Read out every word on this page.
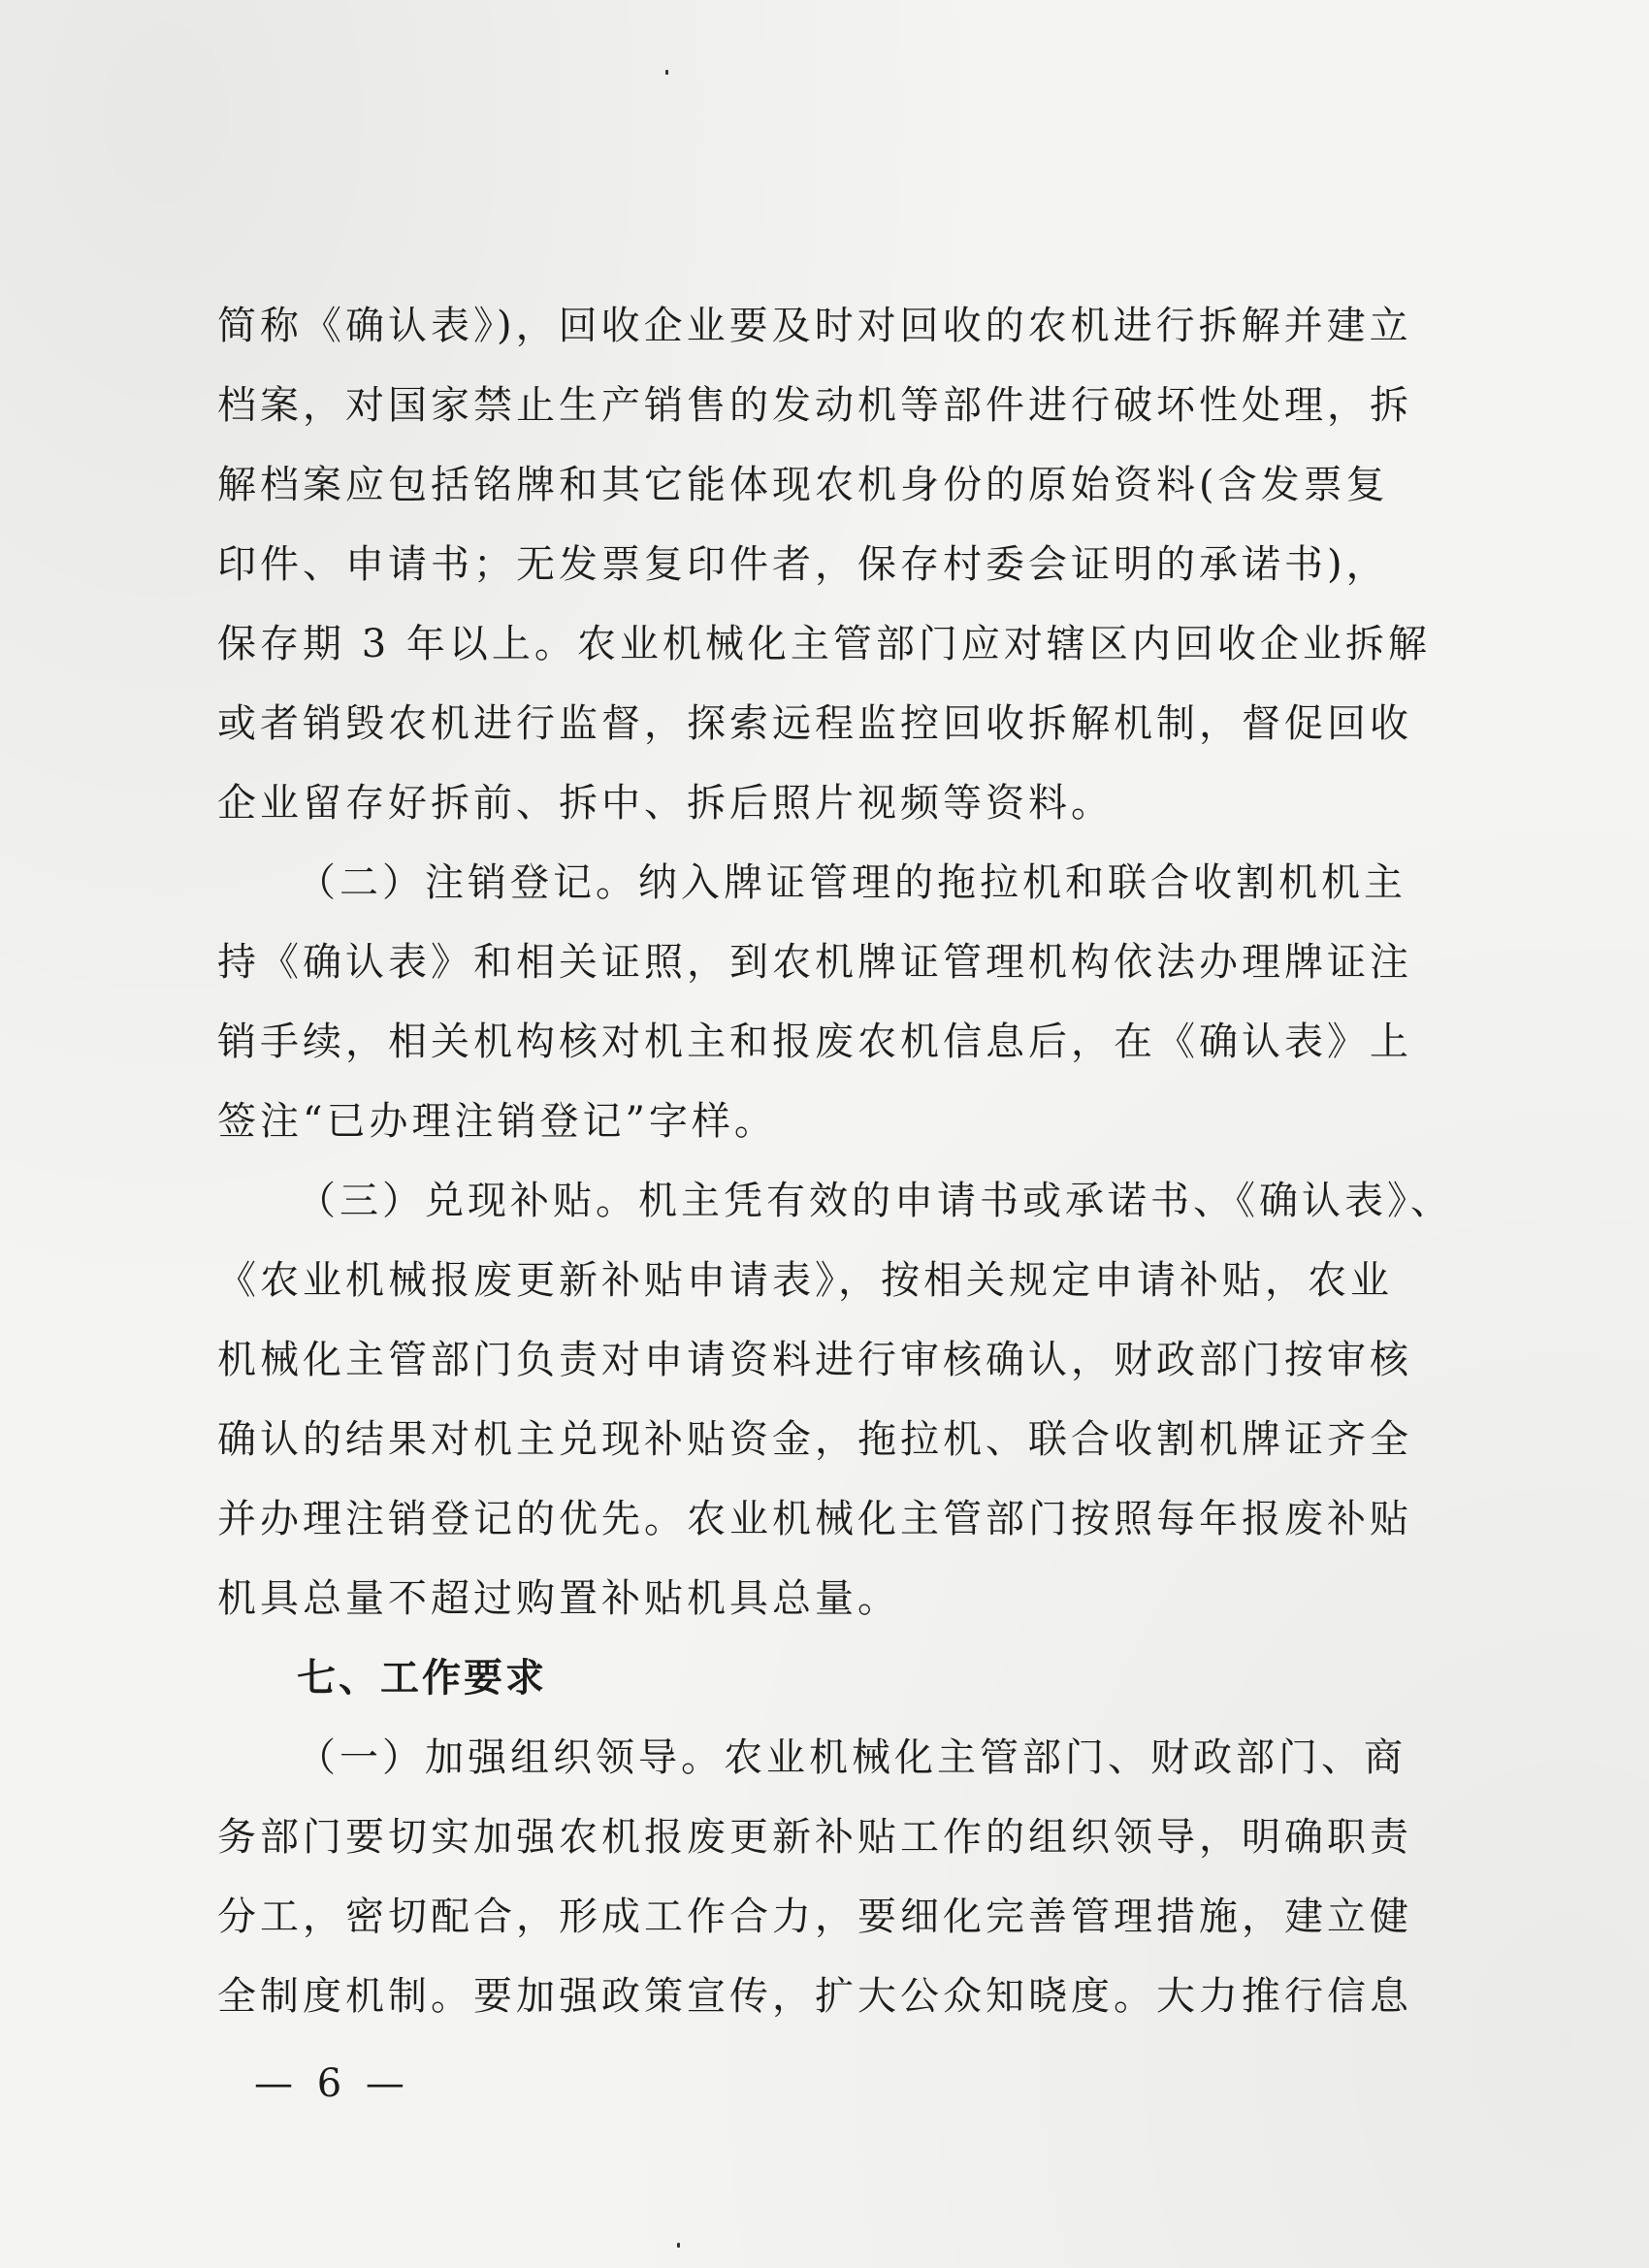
简称《确认表》)，回收企业要及时对回收的农机进行拆解并建立
档案，对国家禁止生产销售的发动机等部件进行破坏性处理，拆
解档案应包括铭牌和其它能体现农机身份的原始资料(含发票复
印件、申请书；无发票复印件者，保存村委会证明的承诺书)，
保存期 3 年以上。农业机械化主管部门应对辖区内回收企业拆解
或者销毁农机进行监督，探索远程监控回收拆解机制，督促回收
企业留存好拆前、拆中、拆后照片视频等资料。
（二）注销登记。纳入牌证管理的拖拉机和联合收割机机主
持《确认表》和相关证照，到农机牌证管理机构依法办理牌证注
销手续，相关机构核对机主和报废农机信息后，在《确认表》上
签注“已办理注销登记”字样。
（三）兑现补贴。机主凭有效的申请书或承诺书、《确认表》、
《农业机械报废更新补贴申请表》，按相关规定申请补贴，农业
机械化主管部门负责对申请资料进行审核确认，财政部门按审核
确认的结果对机主兑现补贴资金，拖拉机、联合收割机牌证齐全
并办理注销登记的优先。农业机械化主管部门按照每年报废补贴
机具总量不超过购置补贴机具总量。
七、工作要求
（一）加强组织领导。农业机械化主管部门、财政部门、商
务部门要切实加强农机报废更新补贴工作的组织领导，明确职责
分工，密切配合，形成工作合力，要细化完善管理措施，建立健
全制度机制。要加强政策宣传，扩大公众知晓度。大力推行信息
— 6 —
